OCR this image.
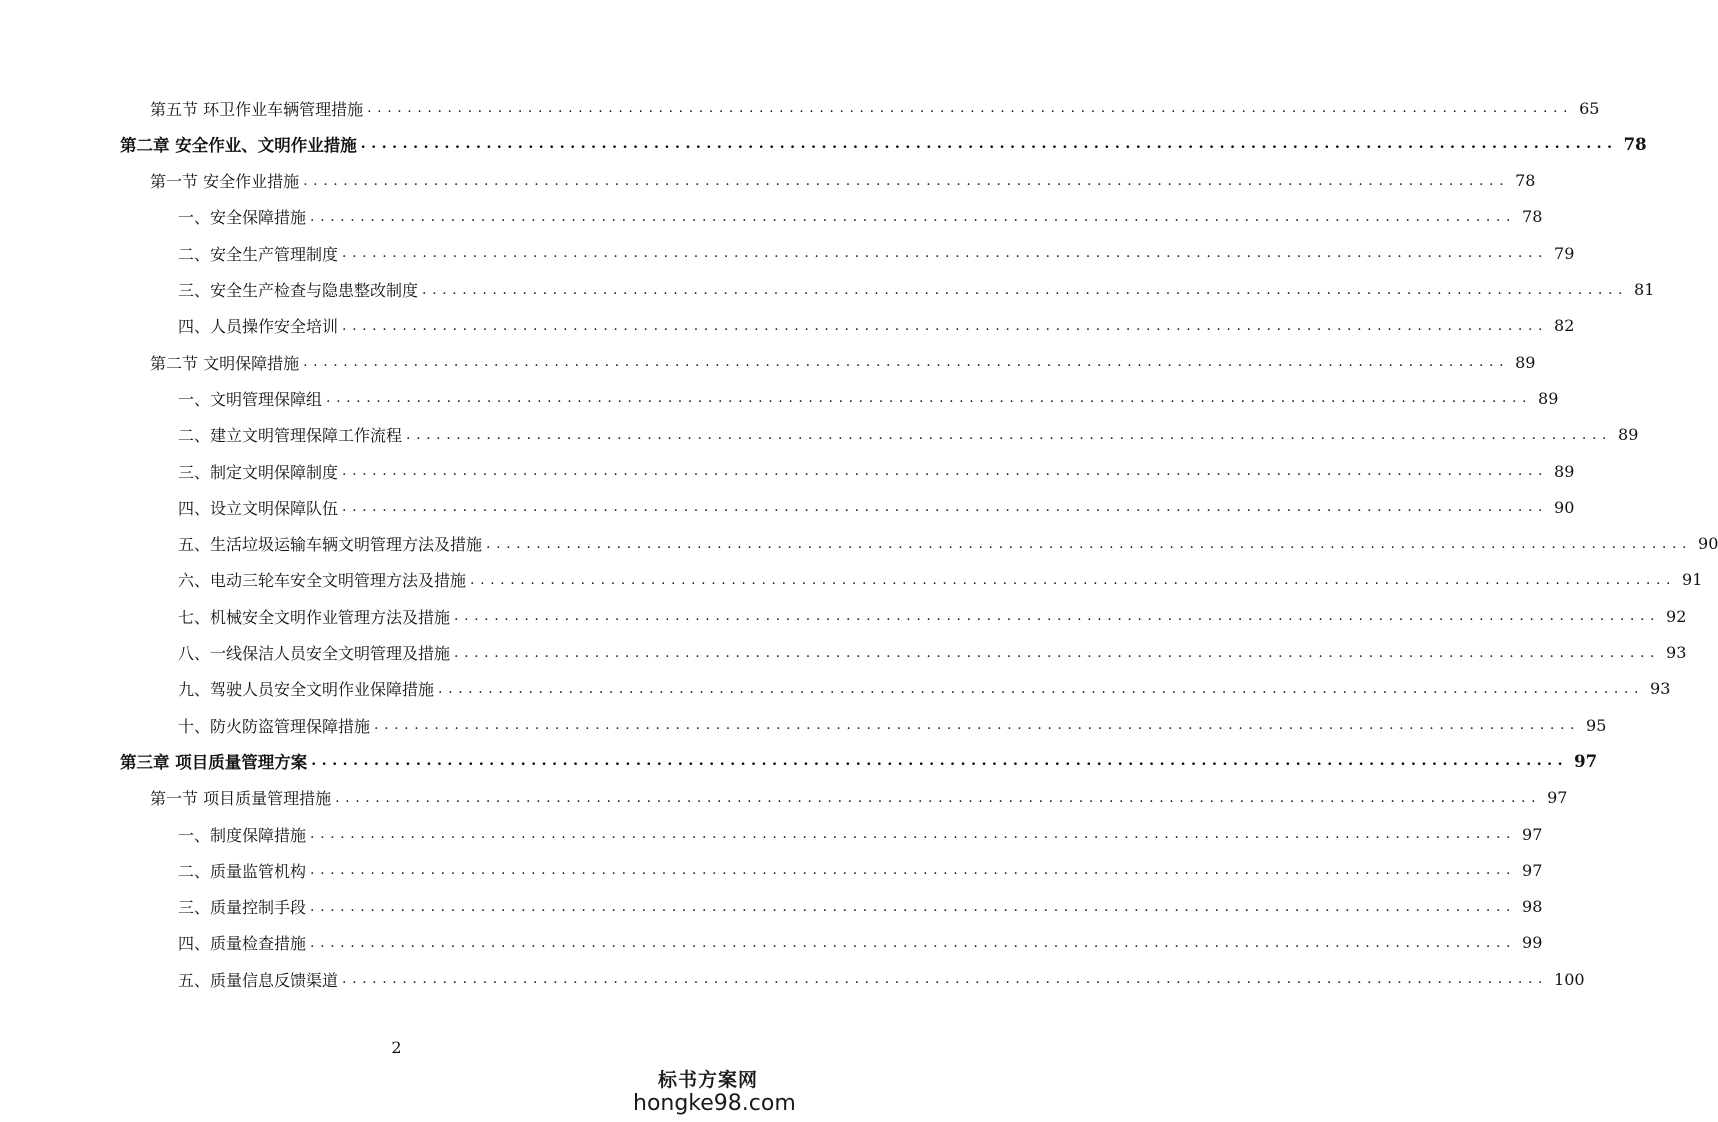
第五节 环卫作业车辆管理措施 ........................................................................................................................ 65
第二章 安全作业、文明作业措施 ........................................................................................................................ 78
第一节 安全作业措施 ........................................................................................................................ 78
一、安全保障措施 ........................................................................................................................ 78
二、安全生产管理制度 ........................................................................................................................ 79
三、安全生产检查与隐患整改制度 ........................................................................................................................ 81
四、人员操作安全培训 ........................................................................................................................ 82
第二节 文明保障措施 ........................................................................................................................ 89
一、文明管理保障组 ........................................................................................................................ 89
二、建立文明管理保障工作流程 ........................................................................................................................ 89
三、制定文明保障制度 ........................................................................................................................ 89
四、设立文明保障队伍 ........................................................................................................................ 90
五、生活垃圾运输车辆文明管理方法及措施 ........................................................................................................................ 90
六、电动三轮车安全文明管理方法及措施 ........................................................................................................................ 91
七、机械安全文明作业管理方法及措施 ........................................................................................................................ 92
八、一线保洁人员安全文明管理及措施 ........................................................................................................................ 93
九、驾驶人员安全文明作业保障措施 ........................................................................................................................ 93
十、防火防盗管理保障措施 ........................................................................................................................ 95
第三章 项目质量管理方案 ........................................................................................................................ 97
第一节 项目质量管理措施 ........................................................................................................................ 97
一、制度保障措施 ........................................................................................................................ 97
二、质量监管机构 ........................................................................................................................ 97
三、质量控制手段 ........................................................................................................................ 98
四、质量检查措施 ........................................................................................................................ 99
五、质量信息反馈渠道 ........................................................................................................................ 100
2
标书方案网
hongke98.com
